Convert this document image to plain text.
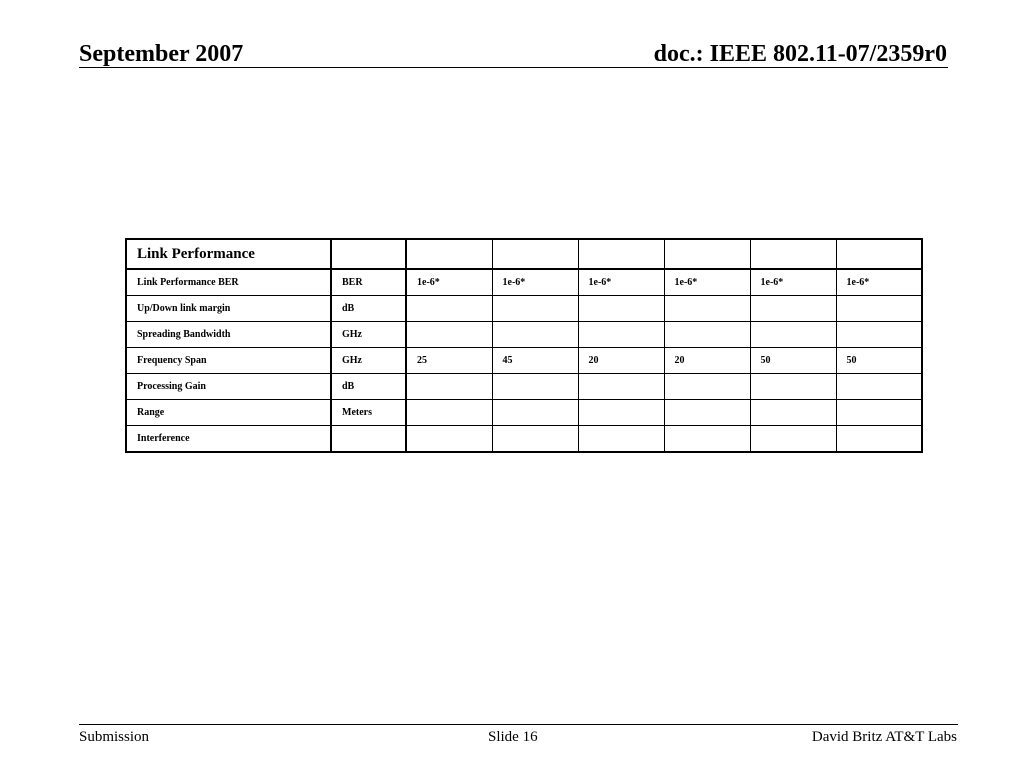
September 2007	doc.: IEEE 802.11-07/2359r0
Link Performance							
Link Performance BER	BER	1e-6*	1e-6*	1e-6*	1e-6*	1e-6*	1e-6*
Up/Down link margin	dB						
Spreading Bandwidth	GHz						
Frequency Span	GHz	25	45	20	20	50	50
Processing Gain	dB						
Range	Meters						
Interference							
Submission	Slide 16	David Britz AT&T Labs
